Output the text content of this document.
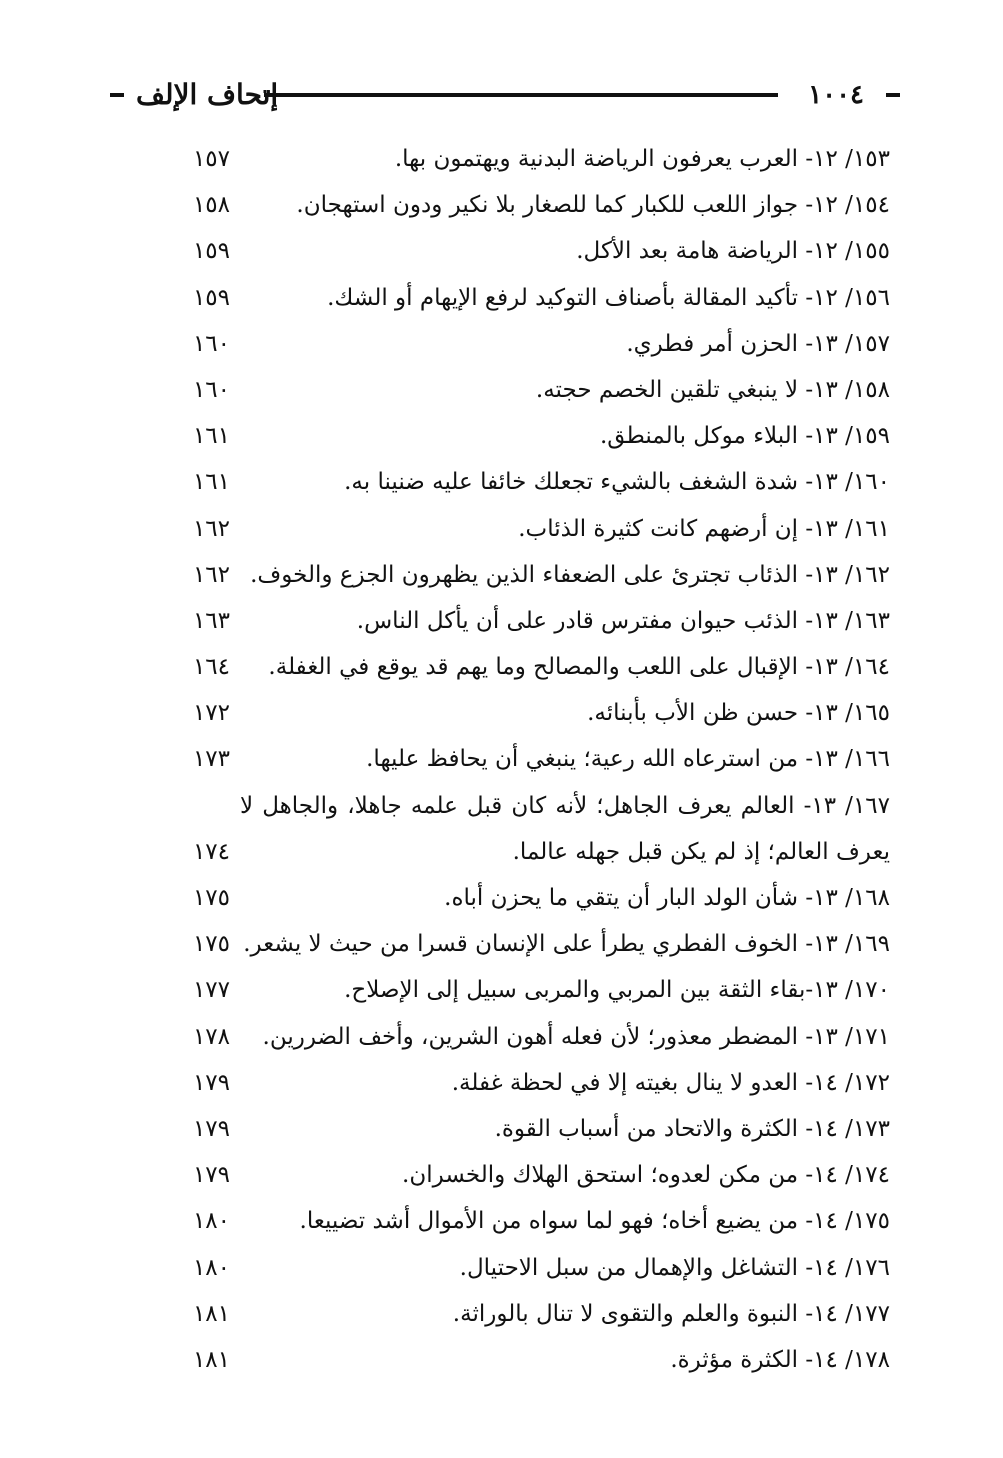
١٠٠٤
إتحاف الإلف
١٥٣/ ١٢- العرب يعرفون الرياضة البدنية ويهتمون بها.
١٥٧
١٥٤/ ١٢- جواز اللعب للكبار كما للصغار بلا نكير ودون استهجان.
١٥٨
١٥٥/ ١٢- الرياضة هامة بعد الأكل.
١٥٩
١٥٦/ ١٢- تأكيد المقالة بأصناف التوكيد لرفع الإيهام أو الشك.
١٥٩
١٥٧/ ١٣- الحزن أمر فطري.
١٦٠
١٥٨/ ١٣- لا ينبغي تلقين الخصم حجته.
١٦٠
١٥٩/ ١٣- البلاء موكل بالمنطق.
١٦١
١٦٠/ ١٣- شدة الشغف بالشيء تجعلك خائفا عليه ضنينا به.
١٦١
١٦١/ ١٣- إن أرضهم كانت كثيرة الذئاب.
١٦٢
١٦٢/ ١٣- الذئاب تجترئ على الضعفاء الذين يظهرون الجزع والخوف.
١٦٢
١٦٣/ ١٣- الذئب حيوان مفترس قادر على أن يأكل الناس.
١٦٣
١٦٤/ ١٣- الإقبال على اللعب والمصالح وما يهم قد يوقع في الغفلة.
١٦٤
١٦٥/ ١٣- حسن ظن الأب بأبنائه.
١٧٢
١٦٦/ ١٣- من استرعاه الله رعية؛ ينبغي أن يحافظ عليها.
١٧٣
١٦٧/ ١٣- العالم يعرف الجاهل؛ لأنه كان قبل علمه جاهلا، والجاهل لا
يعرف العالم؛ إذ لم يكن قبل جهله عالما.
١٧٤
١٦٨/ ١٣- شأن الولد البار أن يتقي ما يحزن أباه.
١٧٥
١٦٩/ ١٣- الخوف الفطري يطرأ على الإنسان قسرا من حيث لا يشعر.
١٧٥
١٧٠/ ١٣-بقاء الثقة بين المربي والمربى سبيل إلى الإصلاح.
١٧٧
١٧١/ ١٣- المضطر معذور؛ لأن فعله أهون الشرين، وأخف الضررين.
١٧٨
١٧٢/ ١٤- العدو لا ينال بغيته إلا في لحظة غفلة.
١٧٩
١٧٣/ ١٤- الكثرة والاتحاد من أسباب القوة.
١٧٩
١٧٤/ ١٤- من مكن لعدوه؛ استحق الهلاك والخسران.
١٧٩
١٧٥/ ١٤- من يضيع أخاه؛ فهو لما سواه من الأموال أشد تضييعا.
١٨٠
١٧٦/ ١٤- التشاغل والإهمال من سبل الاحتيال.
١٨٠
١٧٧/ ١٤- النبوة والعلم والتقوى لا تنال بالوراثة.
١٨١
١٧٨/ ١٤- الكثرة مؤثرة.
١٨١
